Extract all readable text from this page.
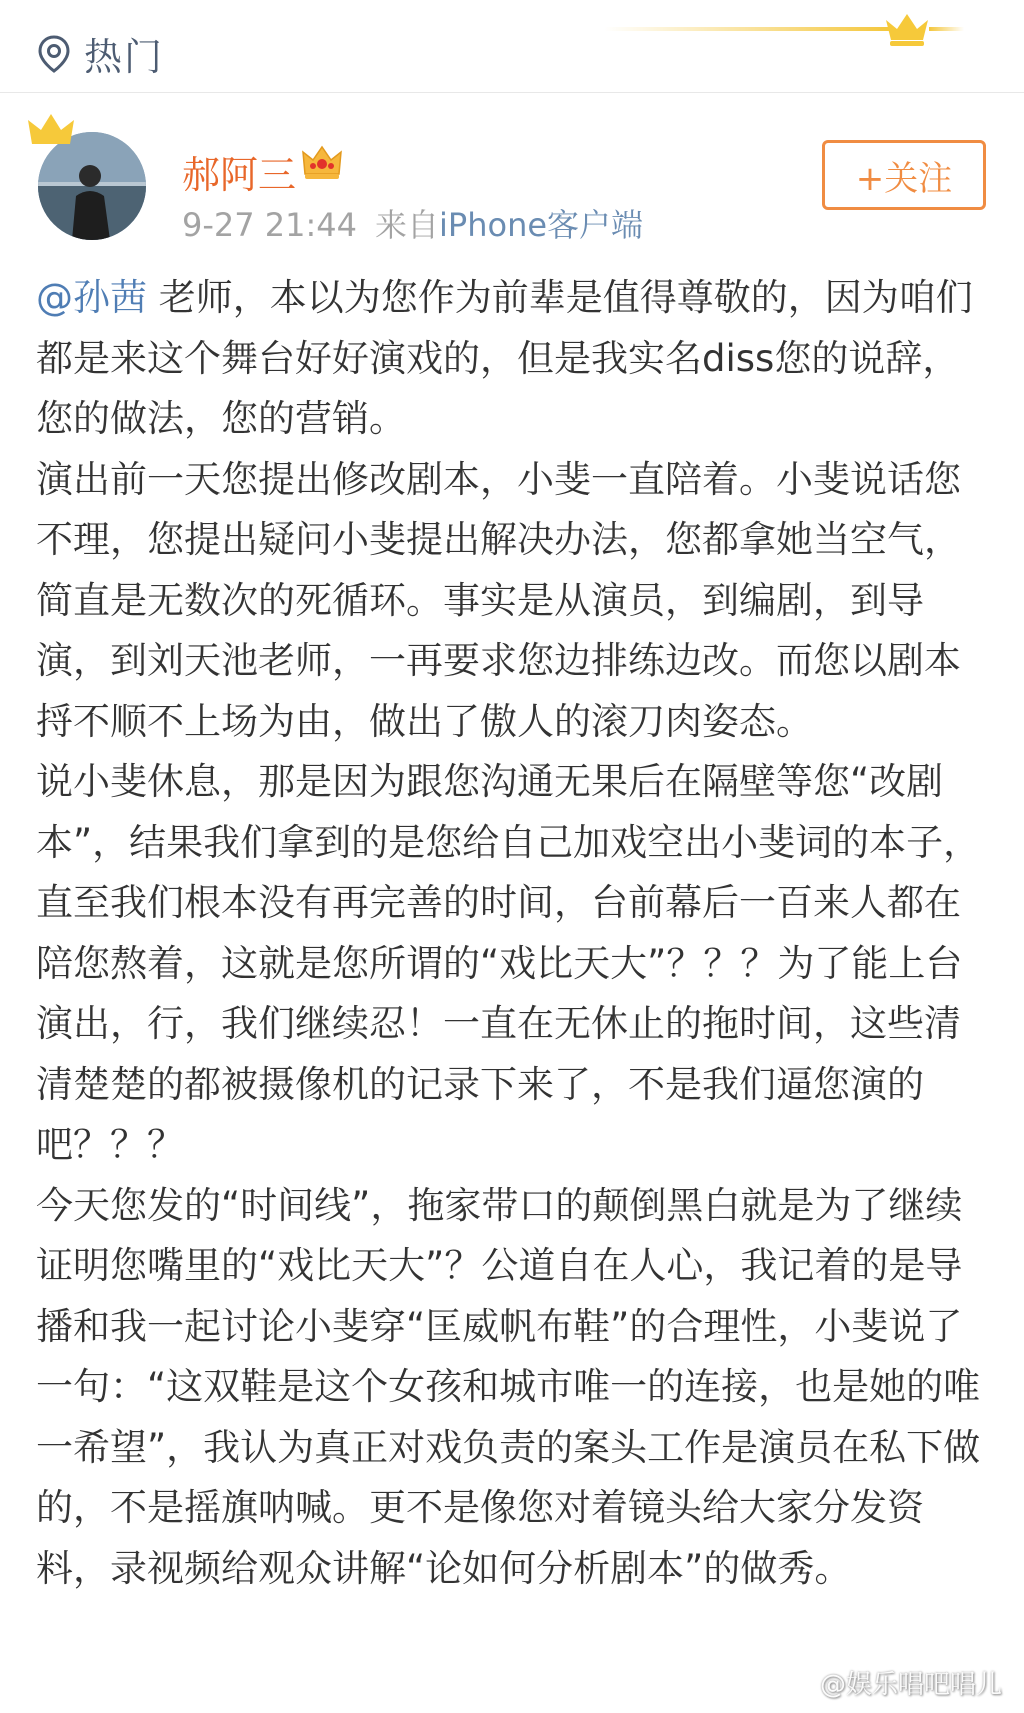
热门
郝阿三
9-27 21:44 来自iPhone客户端
+关注

@孙茜 老师，本以为您作为前辈是值得尊敬的，因为咱们都是来这个舞台好好演戏的，但是我实名diss您的说辞，您的做法，您的营销。

演出前一天您提出修改剧本，小斐一直陪着。小斐说话您不理，您提出疑问小斐提出解决办法，您都拿她当空气，简直是无数次的死循环。事实是从演员，到编剧，到导演，到刘天池老师，一再要求您边排练边改。而您以剧本捋不顺不上场为由，做出了傲人的滚刀肉姿态。

说小斐休息，那是因为跟您沟通无果后在隔壁等您“改剧本”，结果我们拿到的是您给自己加戏空出小斐词的本子，直至我们根本没有再完善的时间，台前幕后一百来人都在陪您熬着，这就是您所谓的“戏比天大”？？？为了能上台演出，行，我们继续忍！一直在无休止的拖时间，这些清清楚楚的都被摄像机的记录下来了，不是我们逼您演的吧？？？

今天您发的“时间线”，拖家带口的颠倒黑白就是为了继续证明您嘴里的“戏比天大”？公道自在人心，我记着的是导播和我一起讨论小斐穿“匡威帆布鞋”的合理性，小斐说了一句：“这双鞋是这个女孩和城市唯一的连接，也是她的唯一希望”，我认为真正对戏负责的案头工作是演员在私下做的，不是摇旗呐喊。更不是像您对着镜头给大家分发资料，录视频给观众讲解“论如何分析剧本”的做秀。

@娱乐唱吧唱儿
